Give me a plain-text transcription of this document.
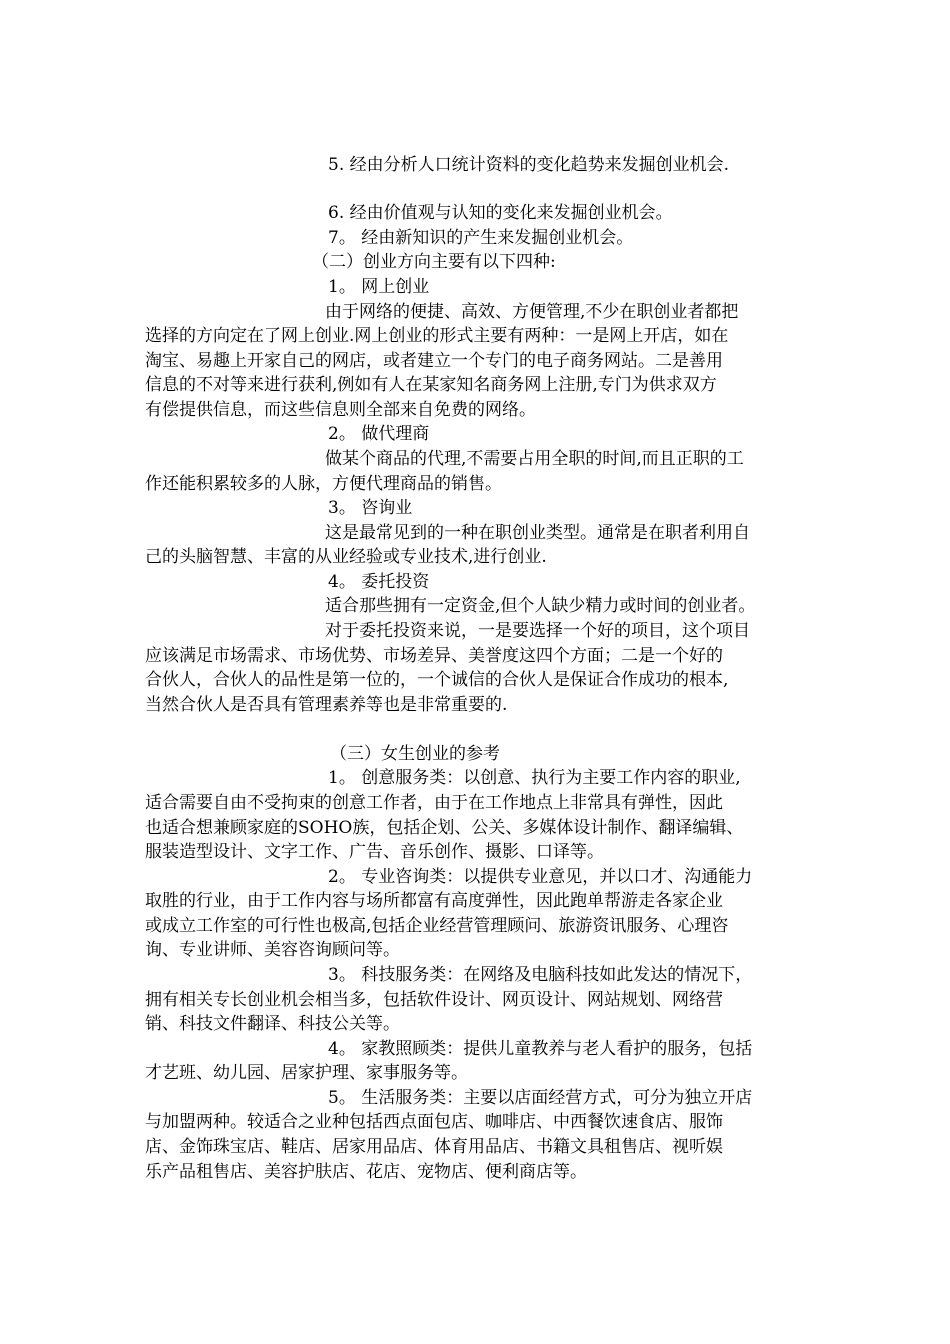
5. 经由分析人口统计资料的变化趋势来发掘创业机会.
6. 经由价值观与认知的变化来发掘创业机会。
7。 经由新知识的产生来发掘创业机会。
（二）创业方向主要有以下四种:
1。 网上创业
由于网络的便捷、高效、方便管理,不少在职创业者都把
选择的方向定在了网上创业.网上创业的形式主要有两种：一是网上开店，如在
淘宝、易趣上开家自己的网店，或者建立一个专门的电子商务网站。二是善用
信息的不对等来进行获利,例如有人在某家知名商务网上注册,专门为供求双方
有偿提供信息，而这些信息则全部来自免费的网络。
2。 做代理商
做某个商品的代理,不需要占用全职的时间,而且正职的工
作还能积累较多的人脉，方便代理商品的销售。
3。 咨询业
这是最常见到的一种在职创业类型。通常是在职者利用自
己的头脑智慧、丰富的从业经验或专业技术,进行创业.
4。 委托投资
适合那些拥有一定资金,但个人缺少精力或时间的创业者。
对于委托投资来说，一是要选择一个好的项目，这个项目
应该满足市场需求、市场优势、市场差异、美誉度这四个方面；二是一个好的
合伙人，合伙人的品性是第一位的，一个诚信的合伙人是保证合作成功的根本,
当然合伙人是否具有管理素养等也是非常重要的.
（三）女生创业的参考
1。 创意服务类：以创意、执行为主要工作内容的职业,
适合需要自由不受拘束的创意工作者，由于在工作地点上非常具有弹性，因此
也适合想兼顾家庭的SOHO族，包括企划、公关、多媒体设计制作、翻译编辑、
服装造型设计、文字工作、广告、音乐创作、摄影、口译等。
2。 专业咨询类：以提供专业意见，并以口才、沟通能力
取胜的行业，由于工作内容与场所都富有高度弹性，因此跑单帮游走各家企业
或成立工作室的可行性也极高,包括企业经营管理顾问、旅游资讯服务、心理咨
询、专业讲师、美容咨询顾问等。
3。 科技服务类：在网络及电脑科技如此发达的情况下，
拥有相关专长创业机会相当多，包括软件设计、网页设计、网站规划、网络营
销、科技文件翻译、科技公关等。
4。 家教照顾类：提供儿童教养与老人看护的服务，包括
才艺班、幼儿园、居家护理、家事服务等。
5。 生活服务类：主要以店面经营方式，可分为独立开店
与加盟两种。较适合之业种包括西点面包店、咖啡店、中西餐饮速食店、服饰
店、金饰珠宝店、鞋店、居家用品店、体育用品店、书籍文具租售店、视听娱
乐产品租售店、美容护肤店、花店、宠物店、便利商店等。
